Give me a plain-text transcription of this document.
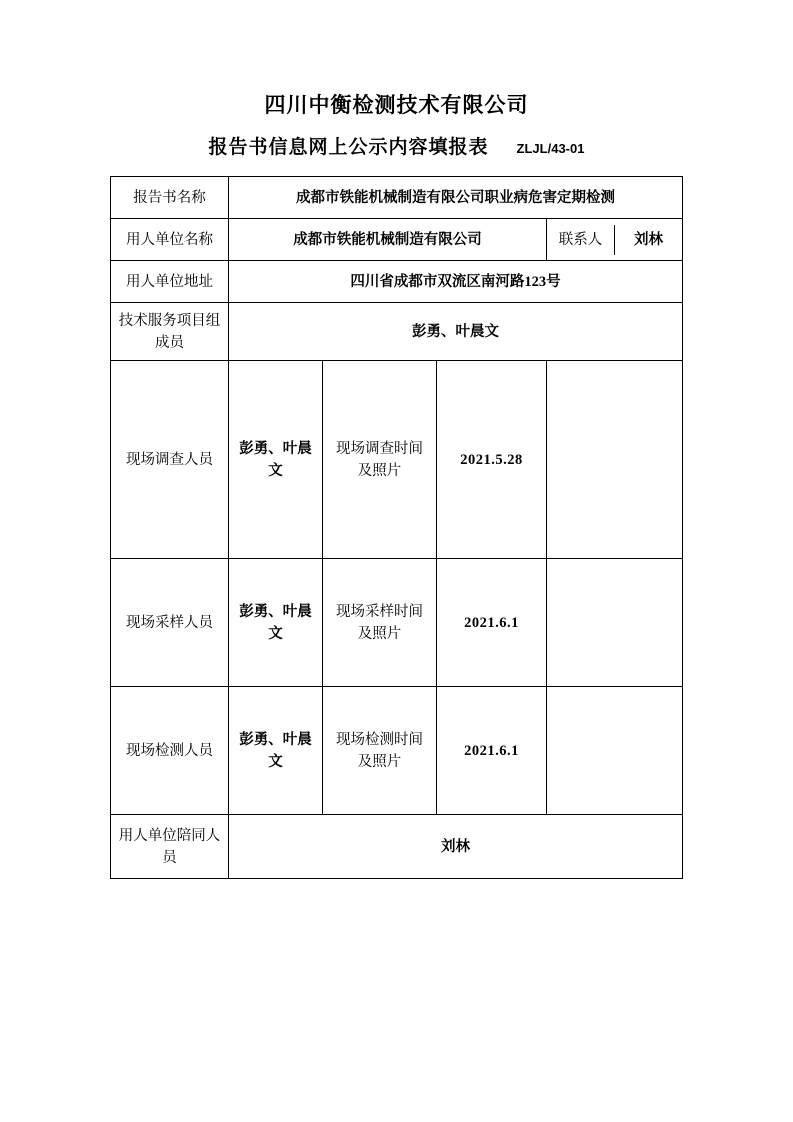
四川中衡检测技术有限公司
报告书信息网上公示内容填报表 ZLJL/43-01
报告书名称	成都市铁能机械制造有限公司职业病危害定期检测
用人单位名称	成都市铁能机械制造有限公司		联系人	刘林

用人单位地址	四川省成都市双流区南河路123号
技术服务项目组成员	彭勇、叶晨文
现场调查人员	彭勇、叶晨文	现场调查时间及照片	2021.5.28	
现场采样人员	彭勇、叶晨文	现场采样时间及照片	2021.6.1	
现场检测人员	彭勇、叶晨文	现场检测时间及照片	2021.6.1	
用人单位陪同人员	刘林
